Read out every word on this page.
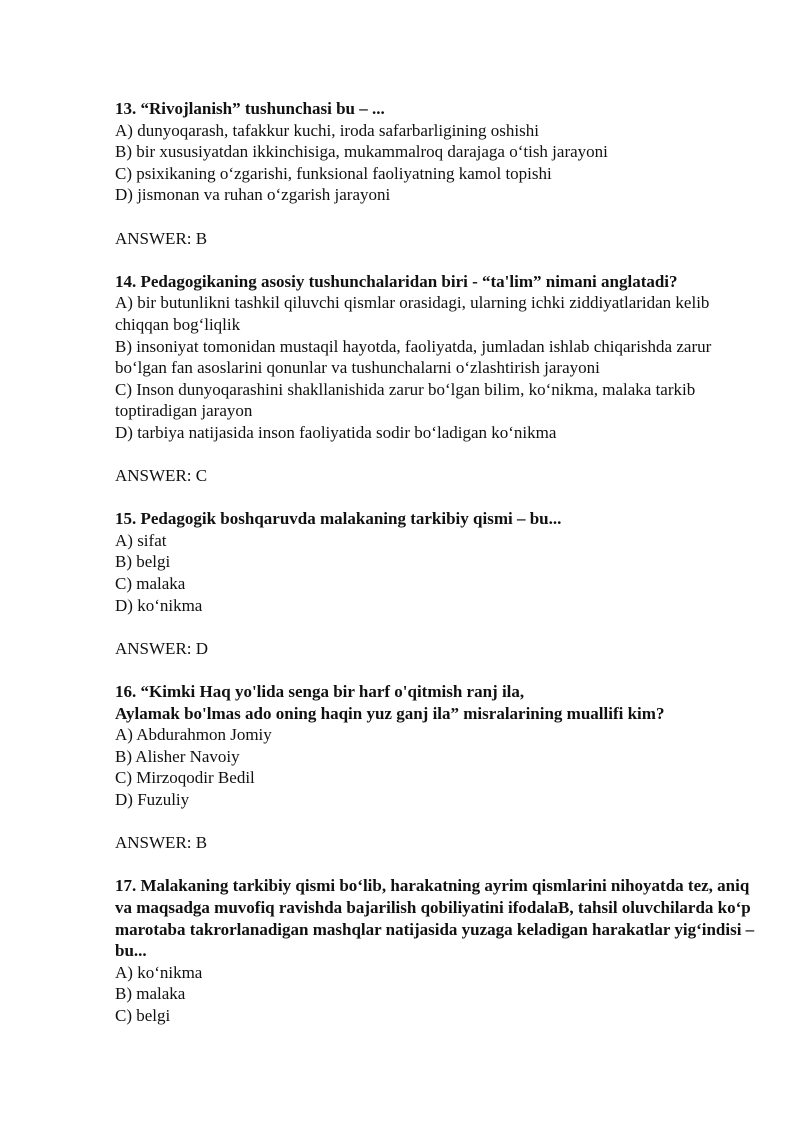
13. “Rivojlanish” tushunchasi bu – ...

A) dunyoqarash, tafakkur kuchi, iroda safarbarligining oshishi

B) bir xususiyatdan ikkinchisiga, mukammalroq darajaga o‘tish jarayoni

C) psixikaning o‘zgarishi, funksional faoliyatning kamol topishi

D) jismonan va ruhan o‘zgarish jarayoni

ANSWER: B

14. Pedagogikaning asosiy tushunchalaridan biri - “ta'lim” nimani anglatadi?

A) bir butunlikni tashkil qiluvchi qismlar orasidagi, ularning ichki ziddiyatlaridan kelib chiqqan bog‘liqlik

B) insoniyat tomonidan mustaqil hayotda, faoliyatda, jumladan ishlab chiqarishda zarur bo‘lgan fan asoslarini qonunlar va tushunchalarni o‘zlashtirish jarayoni

C) Inson dunyoqarashini shakllanishida zarur bo‘lgan bilim, ko‘nikma, malaka tarkib toptiradigan jarayon

D) tarbiya natijasida inson faoliyatida sodir bo‘ladigan ko‘nikma

ANSWER: C

15. Pedagogik boshqaruvda malakaning tarkibiy qismi – bu...

A) sifat

B) belgi

C) malaka

D) ko‘nikma

ANSWER: D

16. “Kimki Haq yo'lida senga bir harf o'qitmish ranj ila,

Aylamak bo'lmas ado oning haqin yuz ganj ila” misralarining muallifi kim?

A) Abdurahmon Jomiy

B) Alisher Navoiy

C) Mirzoqodir Bedil

D) Fuzuliy

ANSWER: B

17. Malakaning tarkibiy qismi bo‘lib, harakatning ayrim qismlarini nihoyatda tez, aniq va maqsadga muvofiq ravishda bajarilish qobiliyatini ifodalaB, tahsil oluvchilarda ko‘p marotaba takrorlanadigan mashqlar natijasida yuzaga keladigan harakatlar yig‘indisi – bu...

A) ko‘nikma

B) malaka

C) belgi
